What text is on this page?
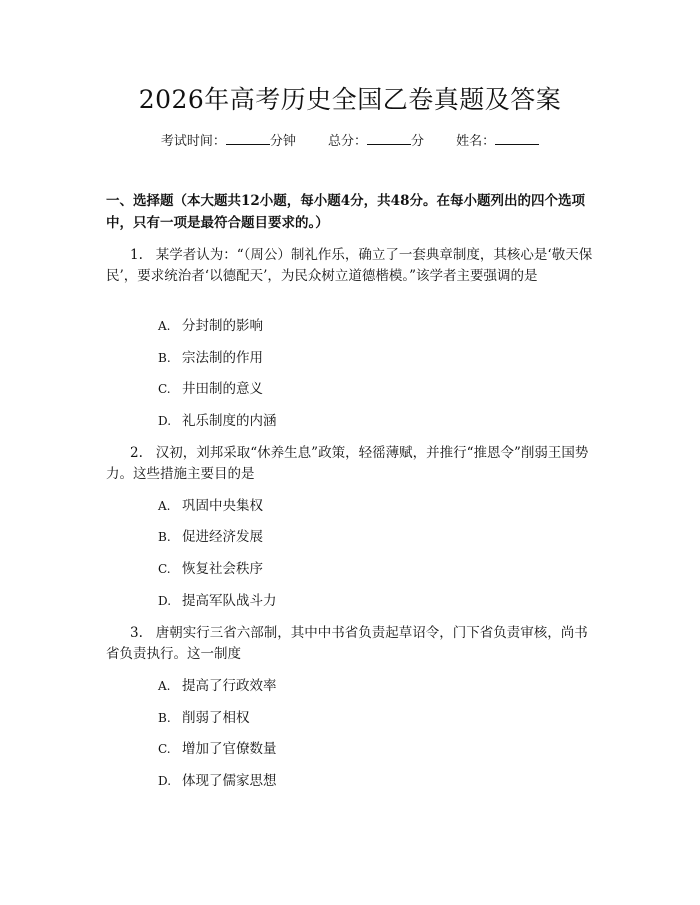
2026年高考历史全国乙卷真题及答案
考试时间：	分钟 总分：	分 姓名：
一、选择题（本大题共12小题，每小题4分，共48分。在每小题列出的四个选项中，只有一项是最符合题目要求的。）
1. 某学者认为：“（周公）制礼作乐，确立了一套典章制度，其核心是‘敬天保民’，要求统治者‘以德配天’，为民众树立道德楷模。”该学者主要强调的是
A. 分封制的影响
B. 宗法制的作用
C. 井田制的意义
D. 礼乐制度的内涵
2. 汉初，刘邦采取“休养生息”政策，轻徭薄赋，并推行“推恩令”削弱王国势力。这些措施主要目的是
A. 巩固中央集权
B. 促进经济发展
C. 恢复社会秩序
D. 提高军队战斗力
3. 唐朝实行三省六部制，其中中书省负责起草诏令，门下省负责审核，尚书省负责执行。这一制度
A. 提高了行政效率
B. 削弱了相权
C. 增加了官僚数量
D. 体现了儒家思想
